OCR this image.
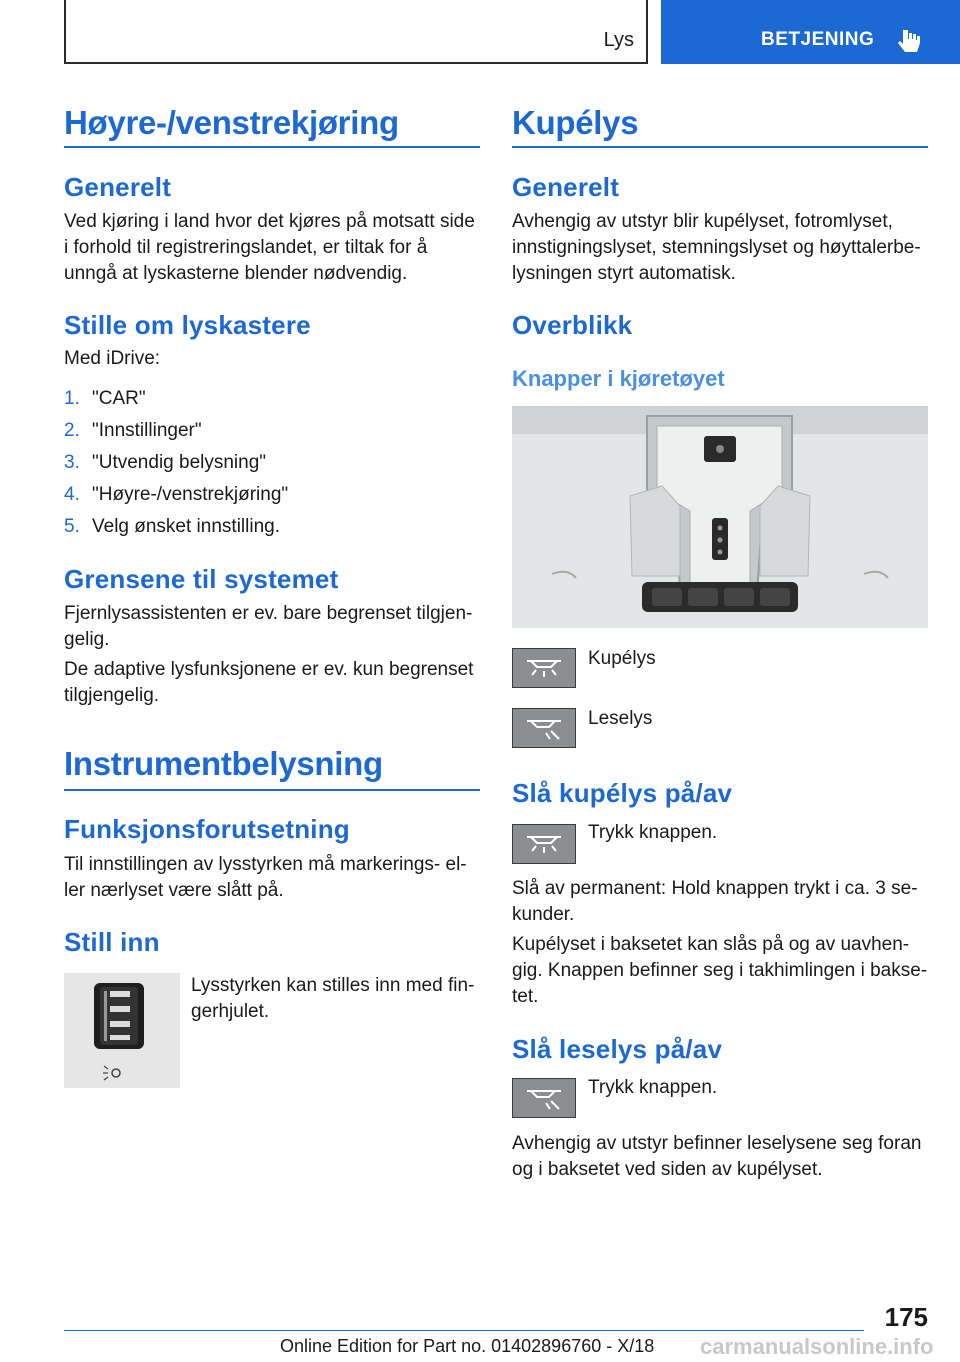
Lys	BETJENING
Høyre-/venstrekjøring
Generelt
Ved kjøring i land hvor det kjøres på motsatt side
i forhold til registreringslandet, er tiltak for å
unngå at lyskasterne blender nødvendig.
Stille om lyskastere
Med iDrive:
1. "CAR"
2. "Innstillinger"
3. "Utvendig belysning"
4. "Høyre-/venstrekjøring"
5. Velg ønsket innstilling.
Grensene til systemet
Fjernlysassistenten er ev. bare begrenset tilgjen-
gelig.
De adaptive lysfunksjonene er ev. kun begrenset
tilgjengelig.
Instrumentbelysning
Funksjonsforutsetning
Til innstillingen av lysstyrken må markerings- el-
ler nærlyset være slått på.
Still inn
Lysstyrken kan stilles inn med fin-
gerhjulet.
Kupélys
Generelt
Avhengig av utstyr blir kupélyset, fotromlyset,
innstigningslyset, stemningslyset og høyttalerbe-
lysningen styrt automatisk.
Overblikk
Knapper i kjøretøyet
Kupélys
Leselys
Slå kupélys på/av
Trykk knappen.
Slå av permanent: Hold knappen trykt i ca. 3 se-
kunder.
Kupélyset i baksetet kan slås på og av uavhen-
gig. Knappen befinner seg i takhimlingen i bakse-
tet.
Slå leselys på/av
Trykk knappen.
Avhengig av utstyr befinner leselysene seg foran
og i baksetet ved siden av kupélyset.
175
Online Edition for Part no. 01402896760 - X/18 carmanualsonline.info
